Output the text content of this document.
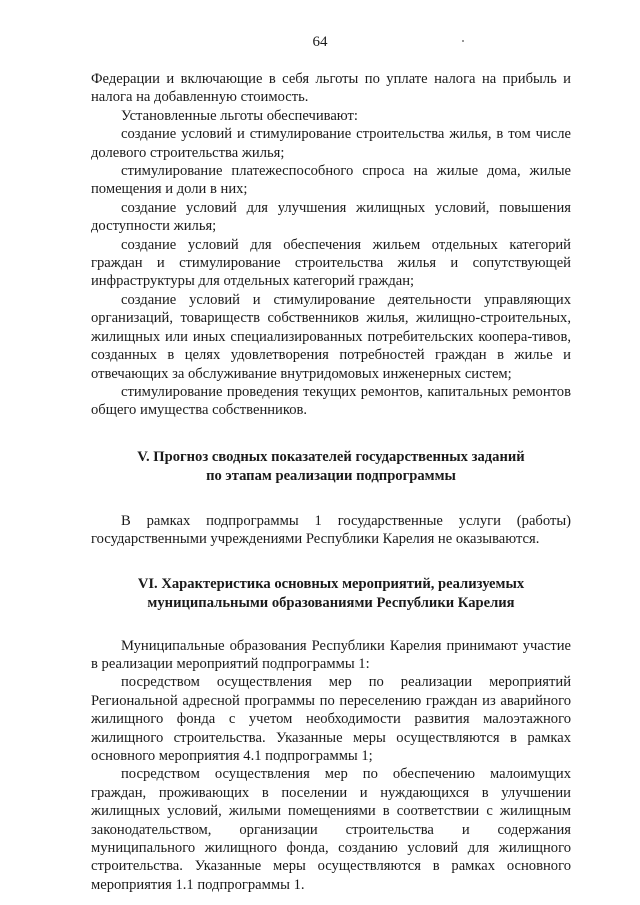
64

Федерации и включающие в себя льготы по уплате налога на прибыль и налога на добавленную стоимость.

Установленные льготы обеспечивают:

создание условий и стимулирование строительства жилья, в том числе долевого строительства жилья;

стимулирование платежеспособного спроса на жилые дома, жилые помещения и доли в них;

создание условий для улучшения жилищных условий, повышения доступности жилья;

создание условий для обеспечения жильем отдельных категорий граждан и стимулирование строительства жилья и сопутствующей инфраструктуры для отдельных категорий граждан;

создание условий и стимулирование деятельности управляющих организаций, товариществ собственников жилья, жилищно-строительных, жилищных или иных специализированных потребительских коопера-тивов, созданных в целях удовлетворения потребностей граждан в жилье и отвечающих за обслуживание внутридомовых инженерных систем;

стимулирование проведения текущих ремонтов, капитальных ремонтов общего имущества собственников.

V. Прогноз сводных показателей государственных заданий
по этапам реализации подпрограммы

В рамках подпрограммы 1 государственные услуги (работы) государственными учреждениями Республики Карелия не оказываются.

VI. Характеристика основных мероприятий, реализуемых
муниципальными образованиями Республики Карелия

Муниципальные образования Республики Карелия принимают участие в реализации мероприятий подпрограммы 1:

посредством осуществления мер по реализации мероприятий Региональной адресной программы по переселению граждан из аварийного жилищного фонда с учетом необходимости развития малоэтажного жилищного строительства. Указанные меры осуществляются в рамках основного мероприятия 4.1 подпрограммы 1;

посредством осуществления мер по обеспечению малоимущих граждан, проживающих в поселении и нуждающихся в улучшении жилищных условий, жилыми помещениями в соответствии с жилищным законодательством, организации строительства и содержания муниципального жилищного фонда, созданию условий для жилищного строительства. Указанные меры осуществляются в рамках основного мероприятия 1.1 подпрограммы 1.
